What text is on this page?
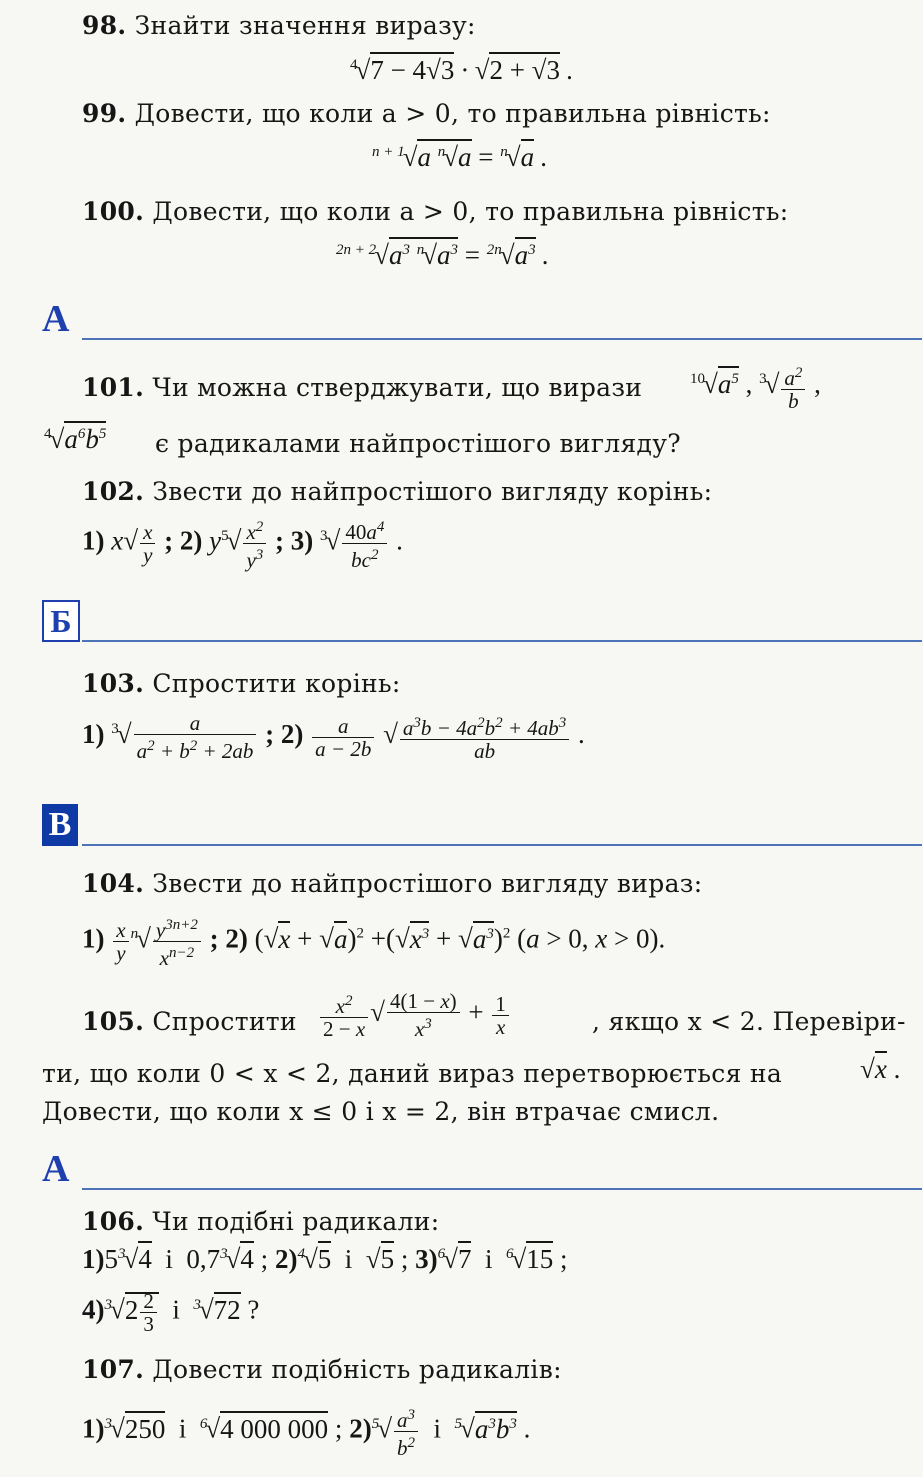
98. Знайти значення виразу:
$^4$√7 − 4√3 · √2 + √3 .
99. Довести, що коли a > 0, то правильна рівність:
$^{n + 1}$√a $^n$√a = $^n$√a .
100. Довести, що коли a > 0, то правильна рівність:
$^{2n + 2}√a^3$ $^n√a^3 = ^{2n}√a^3$ .
А
101. Чи можна стверджувати, що вирази	$^{10}√a^5$ , $^3√ \frac{a^2}{b}$ ,
$^4√a^6b^5$ є радикалами найпростішого вигляду?
102. Звести до найпростішого вигляду корінь:
1) $x√ \frac{x}{y}$ ; 2) $y^5√ \frac{x^2}{y^3}$ ; 3) $^3√ \frac{40a^4}{bc^2}$ .
Б
103. Спростити корінь:
1) $^3√ \frac{a}{a^2 + b^2 + 2ab}$ ; $2) \frac{a}{a - 2b}$ √ $\frac{a^3b - 4a^2b^2 + 4ab^3}{ab}$ .
В
104. Звести до найпростішого вигляду вираз:
$1) \frac{x}{y} ^n√ \frac{y^{3n+2}}{x^{n-2}}$ ; 2) $(√x + √a)^2 +(√x^3 + √a^3)^2$ (a > 0, x > 0).
105. Спростити $\frac{x^2}{2 - x}$ √ $\frac{4(1 - x)}{x^3} + \frac{1}{x}$	, якщо x < 2. Перевіри-
ти, що коли 0 < x < 2, даний вираз перетворюється на	√x .
Довести, що коли x ≤ 0 і x = 2, він втрачає смисл.
А
106. Чи подібні радикали:
$1)5^3√4$  і  $0,7^3√4$ ; 2)$^4$√5  і  √5 ; 3)$^6$√7  і  $^6$√15 ;
$4)^3√2 \frac{2}{3}$ і  $^3$√72 ?
107. Довести подібність радикалів:
1)$^3$√250  і  $^6$√4 000 000 ; $2)^5√ \frac{a^3}{b^2}$ і  $^5√a^3b^3$ .
